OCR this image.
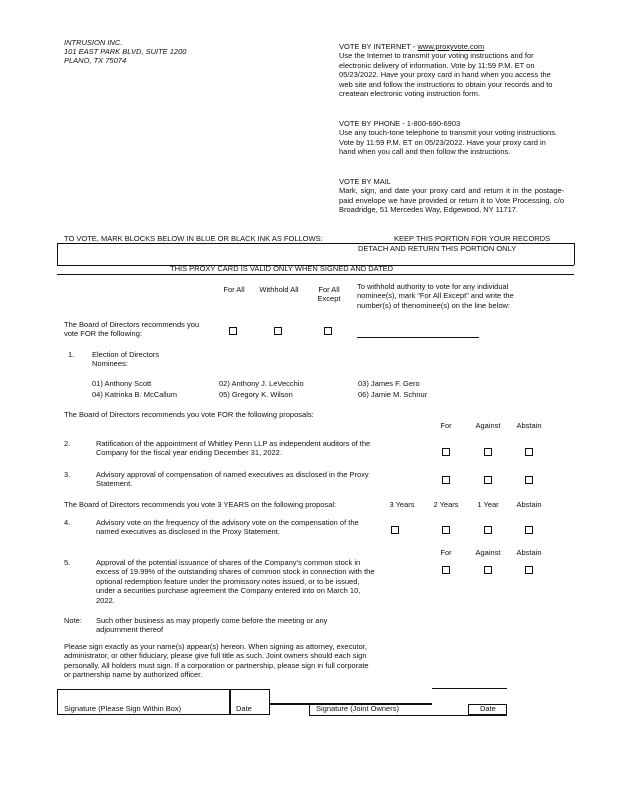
INTRUSION INC.
101 EAST PARK BLVD, SUITE 1200
PLANO, TX 75074
VOTE BY INTERNET - www.proxyvote.com
Use the Internet to transmit your voting instructions and for electronic delivery of information. Vote by 11:59 P.M. ET on 05/23/2022. Have your proxy card in hand when you access the web site and follow the instructions to obtain your records and to createan electronic voting instruction form.
VOTE BY PHONE - 1-800-690-6903
Use any touch-tone telephone to transmit your voting instructions. Vote by 11:59 P.M. ET on 05/23/2022. Have your proxy card in hand when you call and then follow the instructions.
VOTE BY MAIL
Mark, sign, and date your proxy card and return it in the postage- paid envelope we have provided or return it to Vote Processing, c/o Broadridge, 51 Mercedes Way, Edgewood, NY 11717.
TO VOTE, MARK BLOCKS BELOW IN BLUE OR BLACK INK AS FOLLOWS:	KEEP THIS PORTION FOR YOUR RECORDS
DETACH AND RETURN THIS PORTION ONLY
THIS PROXY CARD IS VALID ONLY WHEN SIGNED AND DATED
For All	Withhold All	For All Except
To withhold authority to vote for any individual nominee(s), mark “For All Except” and write the number(s) of thenominee(s) on the line below:
The Board of Directors recommends you vote FOR the following:
1. Election of Directors
Nominees:
01) Anthony Scott	02) Anthony J. LeVecchio	03) James F. Gero
04) Katrinka B. McCallum	05) Gregory K. Wilson	06) Jamie M. Schnur
The Board of Directors recommends you vote FOR the following proposals:
For	Against	Abstain
2.	Ratification of the appointment of Whitley Penn LLP as independent auditors of the Company for the fiscal year ending December 31, 2022.
3.	Advisory approval of compensation of named executives as disclosed in the Proxy Statement.
The Board of Directors recommends you vote 3 YEARS on the following proposal:	3 Years	2 Years	1 Year	Abstain
4.	Advisory vote on the frequency of the advisory vote on the compensation of the named executives as disclosed in the Proxy Statement.
For	Against	Abstain
5.	Approval of the potential issuance of shares of the Company’s common stock in excess of 19.99% of the outstanding shares of common stock in connection with the optional redemption feature under the promissory notes issued, or to be issued, under a securities purchase agreement the Company entered into on March 10, 2022.
Note: Such other business as may properly come before the meeting or any adjournment thereof
Please sign exactly as your name(s) appear(s) hereon. When signing as attorney, executor, administrator, or other fiduciary, please give full title as such. Joint owners should each sign personally. All holders must sign. If a corporation or partnership, please sign in full corporate or partnership name by authorized officer.
Signature (Please Sign Within Box)	Date	Signature (Joint Owners)	Date
